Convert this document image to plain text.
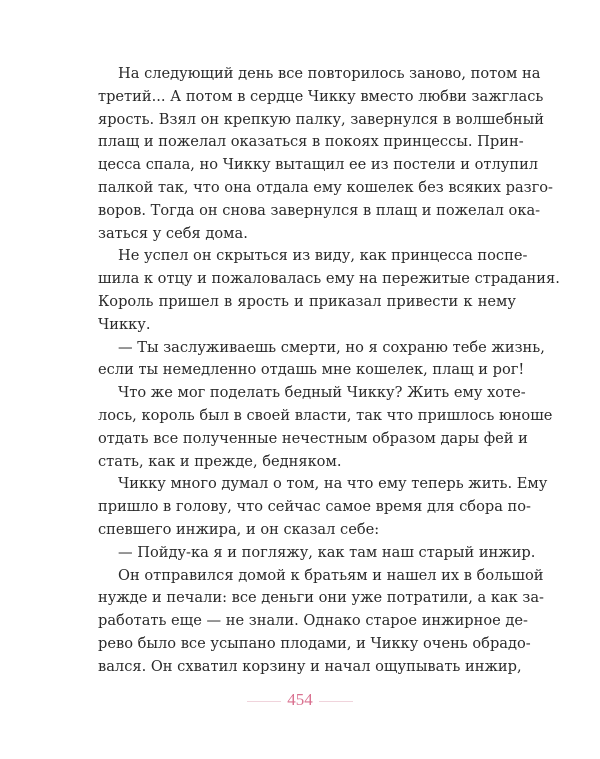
На следующий день все повторилось заново, потом на
третий... А потом в сердце Чикку вместо любви зажглась
ярость. Взял он крепкую палку, завернулся в волшебный
плащ и пожелал оказаться в покоях принцессы. Прин-
цесса спала, но Чикку вытащил ее из постели и отлупил
палкой так, что она отдала ему кошелек без всяких разго-
воров. Тогда он снова завернулся в плащ и пожелал ока-
заться у себя дома.
Не успел он скрыться из виду, как принцесса поспе-
шила к отцу и пожаловалась ему на пережитые страдания.
Король пришел в ярость и приказал привести к нему
Чикку.
— Ты заслуживаешь смерти, но я сохраню тебе жизнь,
если ты немедленно отдашь мне кошелек, плащ и рог!
Что же мог поделать бедный Чикку? Жить ему хоте-
лось, король был в своей власти, так что пришлось юноше
отдать все полученные нечестным образом дары фей и
стать, как и прежде, бедняком.
Чикку много думал о том, на что ему теперь жить. Ему
пришло в голову, что сейчас самое время для сбора по-
спевшего инжира, и он сказал себе:
— Пойду-ка я и погляжу, как там наш старый инжир.
Он отправился домой к братьям и нашел их в большой
нужде и печали: все деньги они уже потратили, а как за-
работать еще — не знали. Однако старое инжирное де-
рево было все усыпано плодами, и Чикку очень обрадо-
вался. Он схватил корзину и начал ощупывать инжир,
454
